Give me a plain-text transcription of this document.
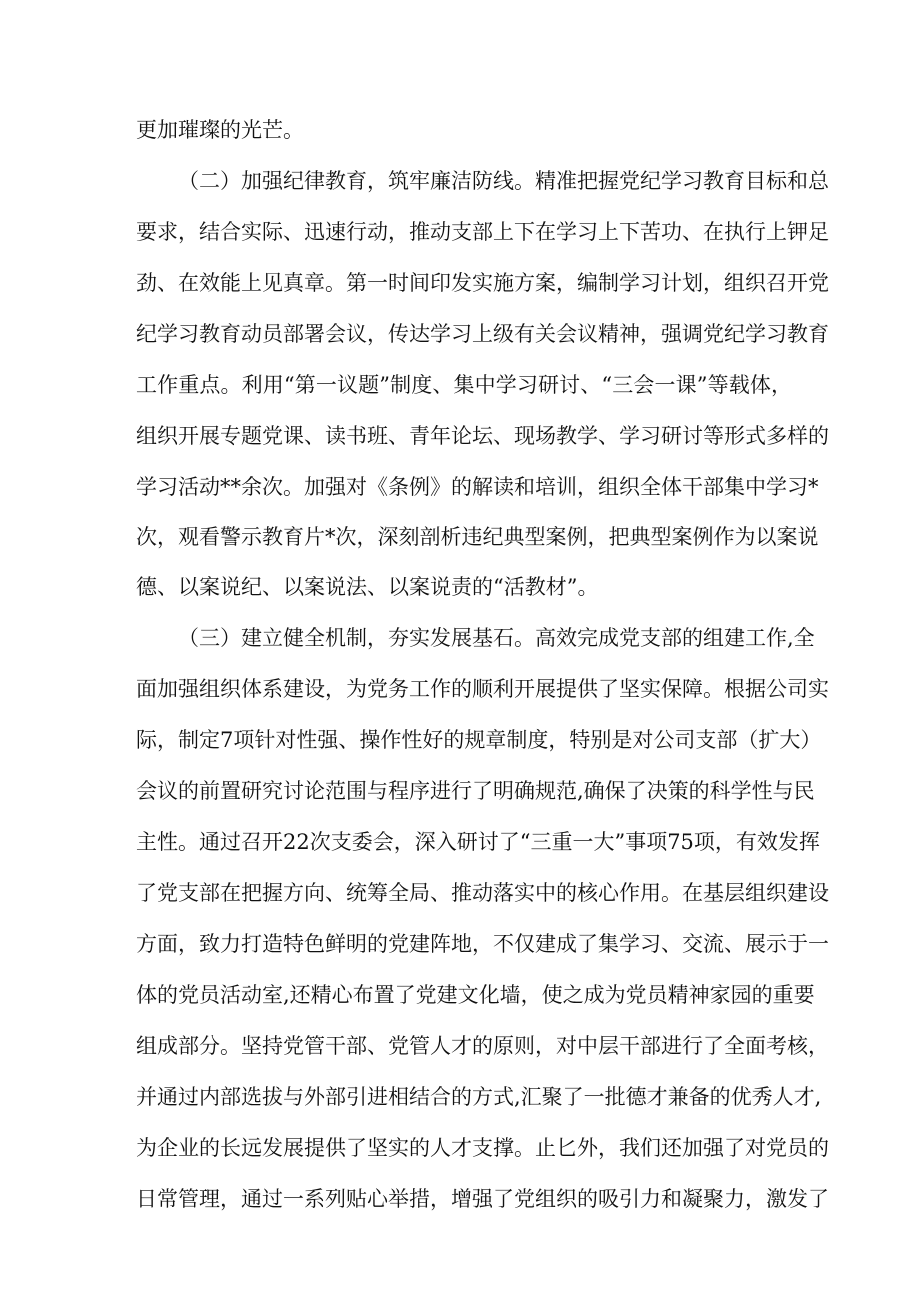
更加璀璨的光芒。
（二）加强纪律教育，筑牢廉洁防线。精准把握党纪学习教育目标和总
要求，结合实际、迅速行动，推动支部上下在学习上下苦功、在执行上钾足
劲、在效能上见真章。第一时间印发实施方案，编制学习计划，组织召开党
纪学习教育动员部署会议，传达学习上级有关会议精神，强调党纪学习教育
工作重点。利用“第一议题”制度、集中学习研讨、“三会一课”等载体，
组织开展专题党课、读书班、青年论坛、现场教学、学习研讨等形式多样的
学习活动**余次。加强对《条例》的解读和培训，组织全体干部集中学习*
次，观看警示教育片*次，深刻剖析违纪典型案例，把典型案例作为以案说
德、以案说纪、以案说法、以案说责的“活教材”。
（三）建立健全机制，夯实发展基石。高效完成党支部的组建工作,全
面加强组织体系建设，为党务工作的顺利开展提供了坚实保障。根据公司实
际，制定7项针对性强、操作性好的规章制度，特别是对公司支部（扩大）
会议的前置研究讨论范围与程序进行了明确规范,确保了决策的科学性与民
主性。通过召开22次支委会，深入研讨了“三重一大”事项75项，有效发挥
了党支部在把握方向、统筹全局、推动落实中的核心作用。在基层组织建设
方面，致力打造特色鲜明的党建阵地，不仅建成了集学习、交流、展示于一
体的党员活动室,还精心布置了党建文化墙，使之成为党员精神家园的重要
组成部分。坚持党管干部、党管人才的原则，对中层干部进行了全面考核，
并通过内部选拔与外部引进相结合的方式,汇聚了一批德才兼备的优秀人才,
为企业的长远发展提供了坚实的人才支撑。止匕外，我们还加强了对党员的
日常管理，通过一系列贴心举措，增强了党组织的吸引力和凝聚力，激发了
